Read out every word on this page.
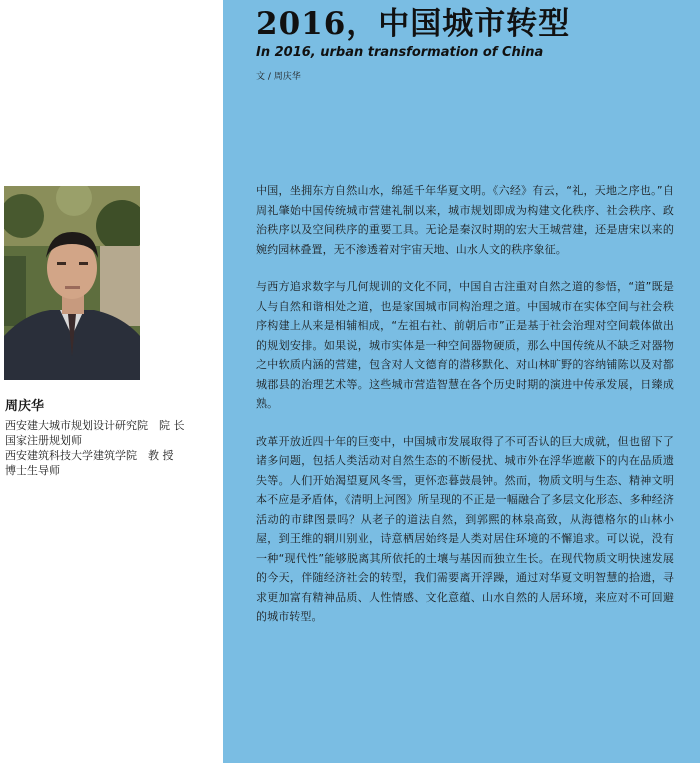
周庆华

西安建大城市规划设计研究院　院 长

国家注册规划师

西安建筑科技大学建筑学院　教 授

博士生导师

2016，中国城市转型

In 2016, urban transformation of China

文 / 周庆华

中国，坐拥东方自然山水，绵延千年华夏文明。《六经》有云，“礼，天地之序也。”自周礼肇始中国传统城市营建礼制以来，城市规划即成为构建文化秩序、社会秩序、政治秩序以及空间秩序的重要工具。无论是秦汉时期的宏大王城营建，还是唐宋以来的婉约园林叠置，无不渗透着对宇宙天地、山水人文的秩序象征。

与西方追求数字与几何规训的文化不同，中国自古注重对自然之道的参悟，“道”既是人与自然和谐相处之道，也是家国城市同构治理之道。中国城市在实体空间与社会秩序构建上从来是相辅相成，“左祖右社、前朝后市”正是基于社会治理对空间载体做出的规划安排。如果说，城市实体是一种空间器物硬质，那么中国传统从不缺乏对器物之中软质内涵的营建，包含对人文德育的潜移默化、对山林旷野的容纳铺陈以及对都城郡县的治理艺术等。这些城市营造智慧在各个历史时期的演进中传承发展，日臻成熟。

改革开放近四十年的巨变中，中国城市发展取得了不可否认的巨大成就，但也留下了诸多问题，包括人类活动对自然生态的不断侵扰、城市外在浮华遮蔽下的内在品质遗失等。人们开始渴望夏风冬雪，更怀恋暮鼓晨钟。然而，物质文明与生态、精神文明本不应是矛盾体，《清明上河图》所呈现的不正是一幅融合了多层文化形态、多种经济活动的市肆图景吗？从老子的道法自然，到郭熙的林泉高致，从海德格尔的山林小屋，到王维的辋川别业，诗意栖居始终是人类对居住环境的不懈追求。可以说，没有一种“现代性”能够脱离其所依托的土壤与基因而独立生长。在现代物质文明快速发展的今天，伴随经济社会的转型，我们需要离开浮躁，通过对华夏文明智慧的拾遗，寻求更加富有精神品质、人性情感、文化意蕴、山水自然的人居环境，来应对不可回避的城市转型。
